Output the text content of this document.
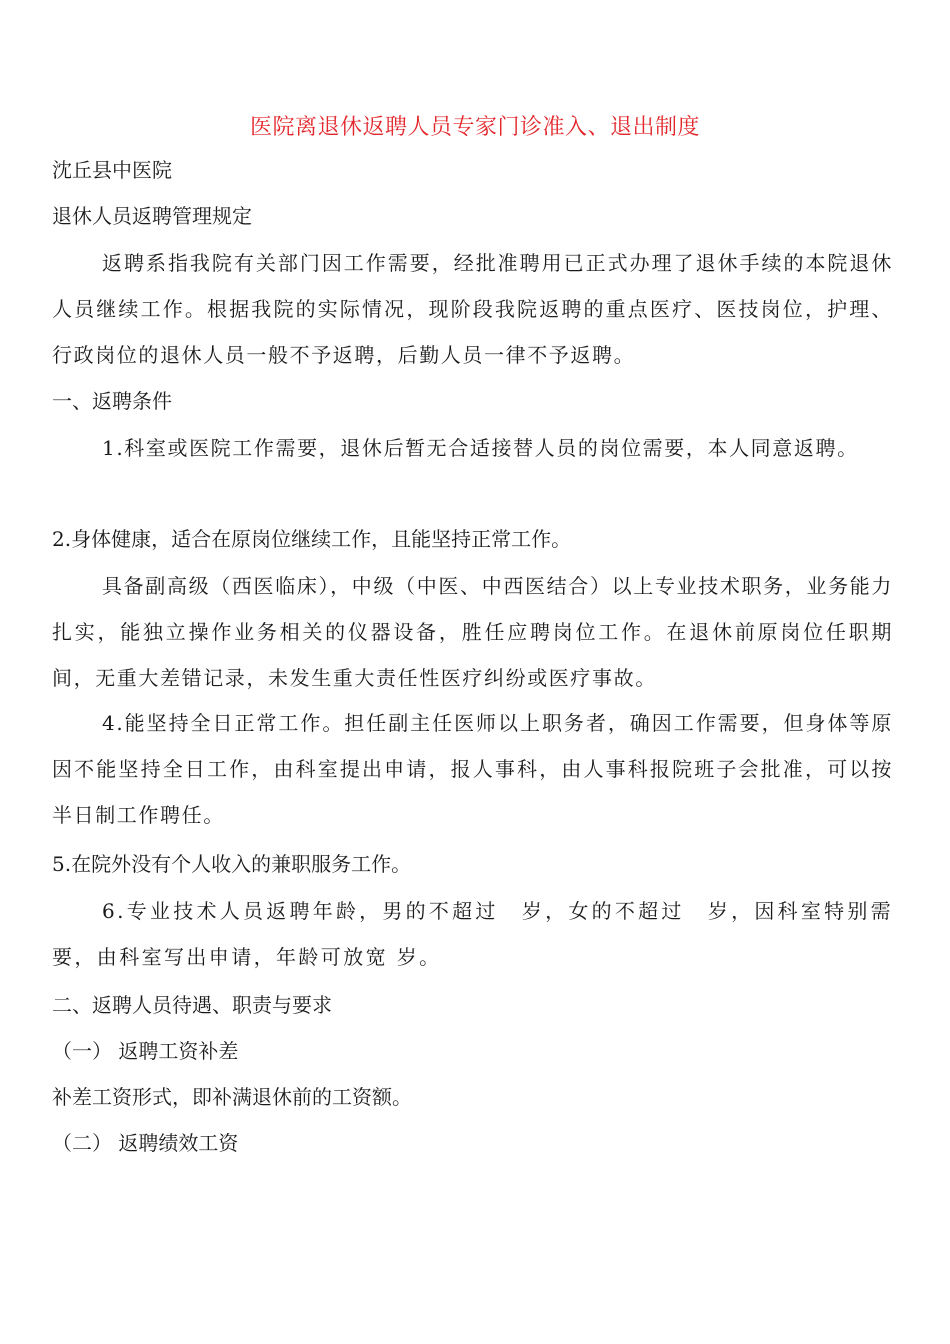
医院离退休返聘人员专家门诊准入、退出制度
沈丘县中医院
退休人员返聘管理规定
返聘系指我院有关部门因工作需要，经批准聘用已正式办理了退休手续的本院退休人员继续工作。根据我院的实际情况，现阶段我院返聘的重点医疗、医技岗位，护理、行政岗位的退休人员一般不予返聘，后勤人员一律不予返聘。
一、返聘条件
1.科室或医院工作需要，退休后暂无合适接替人员的岗位需要，本人同意返聘。
2.身体健康，适合在原岗位继续工作，且能坚持正常工作。
具备副高级（西医临床），中级（中医、中西医结合）以上专业技术职务，业务能力扎实，能独立操作业务相关的仪器设备，胜任应聘岗位工作。在退休前原岗位任职期间，无重大差错记录，未发生重大责任性医疗纠纷或医疗事故。
4.能坚持全日正常工作。担任副主任医师以上职务者，确因工作需要，但身体等原因不能坚持全日工作，由科室提出申请，报人事科，由人事科报院班子会批准，可以按半日制工作聘任。
5.在院外没有个人收入的兼职服务工作。
6.专业技术人员返聘年龄，男的不超过　岁，女的不超过　岁，因科室特别需要，由科室写出申请，年龄可放宽 岁。
二、返聘人员待遇、职责与要求
（一） 返聘工资补差
补差工资形式，即补满退休前的工资额。
（二） 返聘绩效工资
